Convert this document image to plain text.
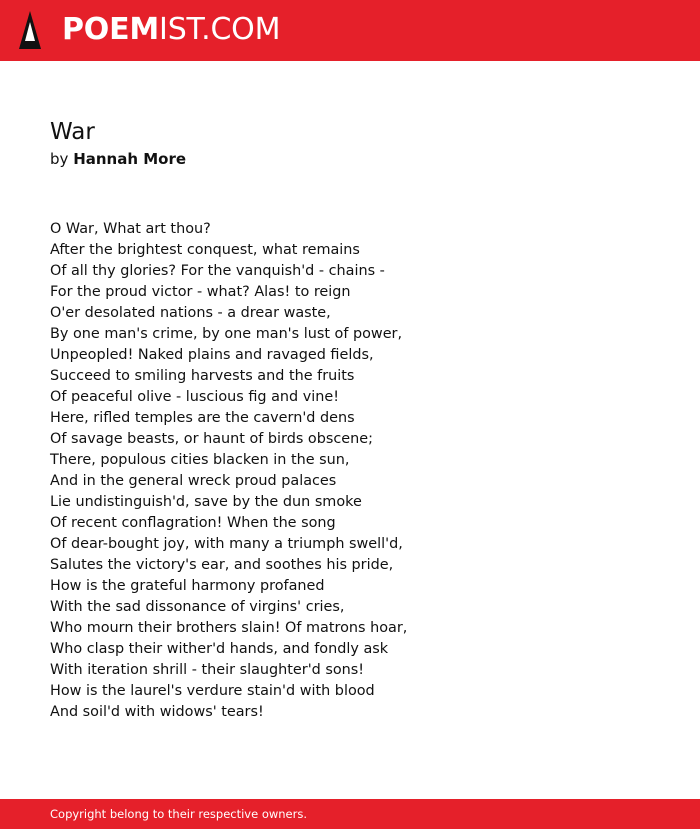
POEMIST.COM
War

by Hannah More

O War, What art thou?
After the brightest conquest, what remains
Of all thy glories? For the vanquish'd - chains -
For the proud victor - what? Alas! to reign
O'er desolated nations - a drear waste,
By one man's crime, by one man's lust of power,
Unpeopled! Naked plains and ravaged fields,
Succeed to smiling harvests and the fruits
Of peaceful olive - luscious fig and vine!
Here, rifled temples are the cavern'd dens
Of savage beasts, or haunt of birds obscene;
There, populous cities blacken in the sun,
And in the general wreck proud palaces
Lie undistinguish'd, save by the dun smoke
Of recent conflagration! When the song
Of dear-bought joy, with many a triumph swell'd,
Salutes the victory's ear, and soothes his pride,
How is the grateful harmony profaned
With the sad dissonance of virgins' cries,
Who mourn their brothers slain! Of matrons hoar,
Who clasp their wither'd hands, and fondly ask
With iteration shrill - their slaughter'd sons!
How is the laurel's verdure stain'd with blood
And soil'd with widows' tears!
Copyright belong to their respective owners.
